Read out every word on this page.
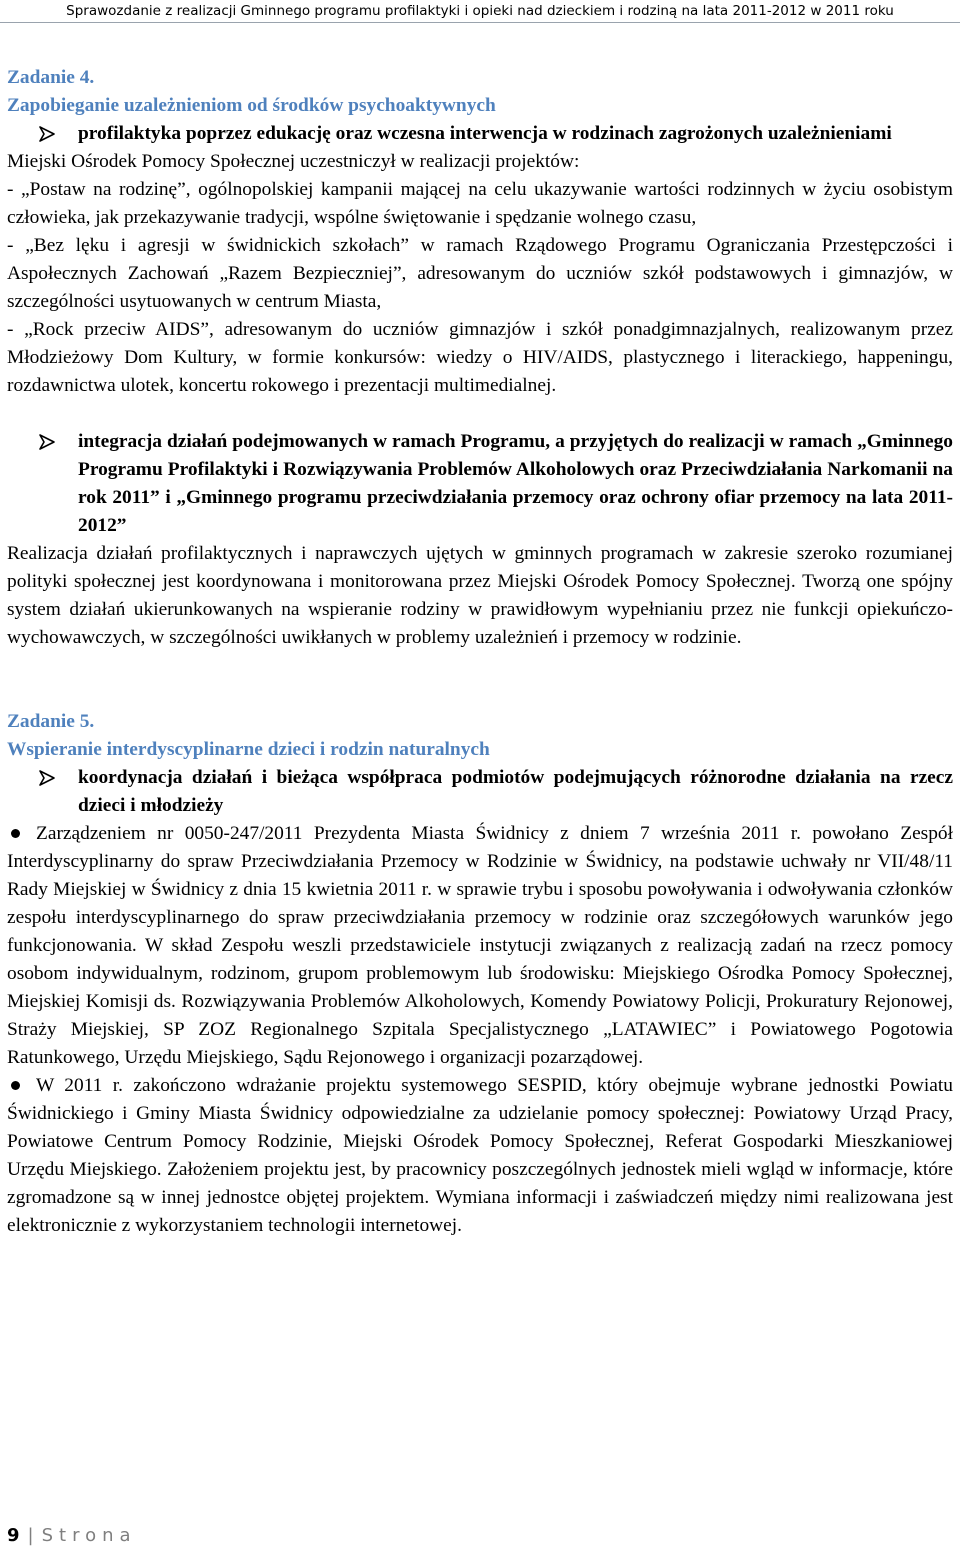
Sprawozdanie z realizacji Gminnego programu profilaktyki i opieki nad dzieckiem i rodziną na lata 2011-2012 w 2011 roku

Zadanie 4.

Zapobieganie uzależnieniom od środków psychoaktywnych

profilaktyka poprzez edukację oraz wczesna interwencja w rodzinach zagrożonych uzależnieniami

Miejski Ośrodek Pomocy Społecznej uczestniczył w realizacji projektów:

- „Postaw na rodzinę”, ogólnopolskiej kampanii mającej na celu ukazywanie wartości rodzinnych w życiu osobistym człowieka, jak przekazywanie tradycji, wspólne świętowanie i spędzanie wolnego czasu,

- „Bez lęku i agresji w świdnickich szkołach” w ramach Rządowego Programu Ograniczania Przestępczości i Aspołecznych Zachowań „Razem Bezpieczniej”, adresowanym do uczniów szkół podstawowych i gimnazjów, w szczególności usytuowanych w centrum Miasta,

- „Rock przeciw AIDS”, adresowanym do uczniów gimnazjów i szkół ponadgimnazjalnych, realizowanym przez Młodzieżowy Dom Kultury, w formie konkursów: wiedzy o HIV/AIDS, plastycznego i literackiego, happeningu, rozdawnictwa ulotek, koncertu rokowego i prezentacji multimedialnej.

integracja działań podejmowanych w ramach Programu, a przyjętych do realizacji w ramach „Gminnego Programu Profilaktyki i Rozwiązywania Problemów Alkoholowych oraz Przeciwdziałania Narkomanii na rok 2011” i „Gminnego programu przeciwdziałania przemocy oraz ochrony ofiar przemocy na lata 2011-2012”

Realizacja działań profilaktycznych i naprawczych ujętych w gminnych programach w zakresie szeroko rozumianej polityki społecznej jest koordynowana i monitorowana przez Miejski Ośrodek Pomocy Społecznej. Tworzą one spójny system działań ukierunkowanych na wspieranie rodziny w prawidłowym wypełnianiu przez nie funkcji opiekuńczo-wychowawczych, w szczególności uwikłanych w problemy uzależnień i przemocy w rodzinie.

Zadanie 5.

Wspieranie interdyscyplinarne dzieci i rodzin naturalnych

koordynacja działań i bieżąca współpraca podmiotów podejmujących różnorodne działania na rzecz dzieci i młodzieży

Zarządzeniem nr 0050-247/2011 Prezydenta Miasta Świdnicy z dniem 7 września 2011 r. powołano Zespół Interdyscyplinarny do spraw Przeciwdziałania Przemocy w Rodzinie w Świdnicy, na podstawie uchwały nr VII/48/11 Rady Miejskiej w Świdnicy z dnia 15 kwietnia 2011 r. w sprawie trybu i sposobu powoływania i odwoływania członków zespołu interdyscyplinarnego do spraw przeciwdziałania przemocy w rodzinie oraz szczegółowych warunków jego funkcjonowania. W skład Zespołu weszli przedstawiciele instytucji związanych z realizacją zadań na rzecz pomocy osobom indywidualnym, rodzinom, grupom problemowym lub środowisku: Miejskiego Ośrodka Pomocy Społecznej, Miejskiej Komisji ds. Rozwiązywania Problemów Alkoholowych, Komendy Powiatowy Policji, Prokuratury Rejonowej, Straży Miejskiej, SP ZOZ Regionalnego Szpitala Specjalistycznego „LATAWIEC” i Powiatowego Pogotowia Ratunkowego, Urzędu Miejskiego, Sądu Rejonowego i organizacji pozarządowej.

W 2011 r. zakończono wdrażanie projektu systemowego SESPID, który obejmuje wybrane jednostki Powiatu Świdnickiego i Gminy Miasta Świdnicy odpowiedzialne za udzielanie pomocy społecznej: Powiatowy Urząd Pracy, Powiatowe Centrum Pomocy Rodzinie, Miejski Ośrodek Pomocy Społecznej, Referat Gospodarki Mieszkaniowej Urzędu Miejskiego. Założeniem projektu jest, by pracownicy poszczególnych jednostek mieli wgląd w informacje, które zgromadzone są w innej jednostce objętej projektem. Wymiana informacji i zaświadczeń między nimi realizowana jest elektronicznie z wykorzystaniem technologii internetowej.

9 | Strona
